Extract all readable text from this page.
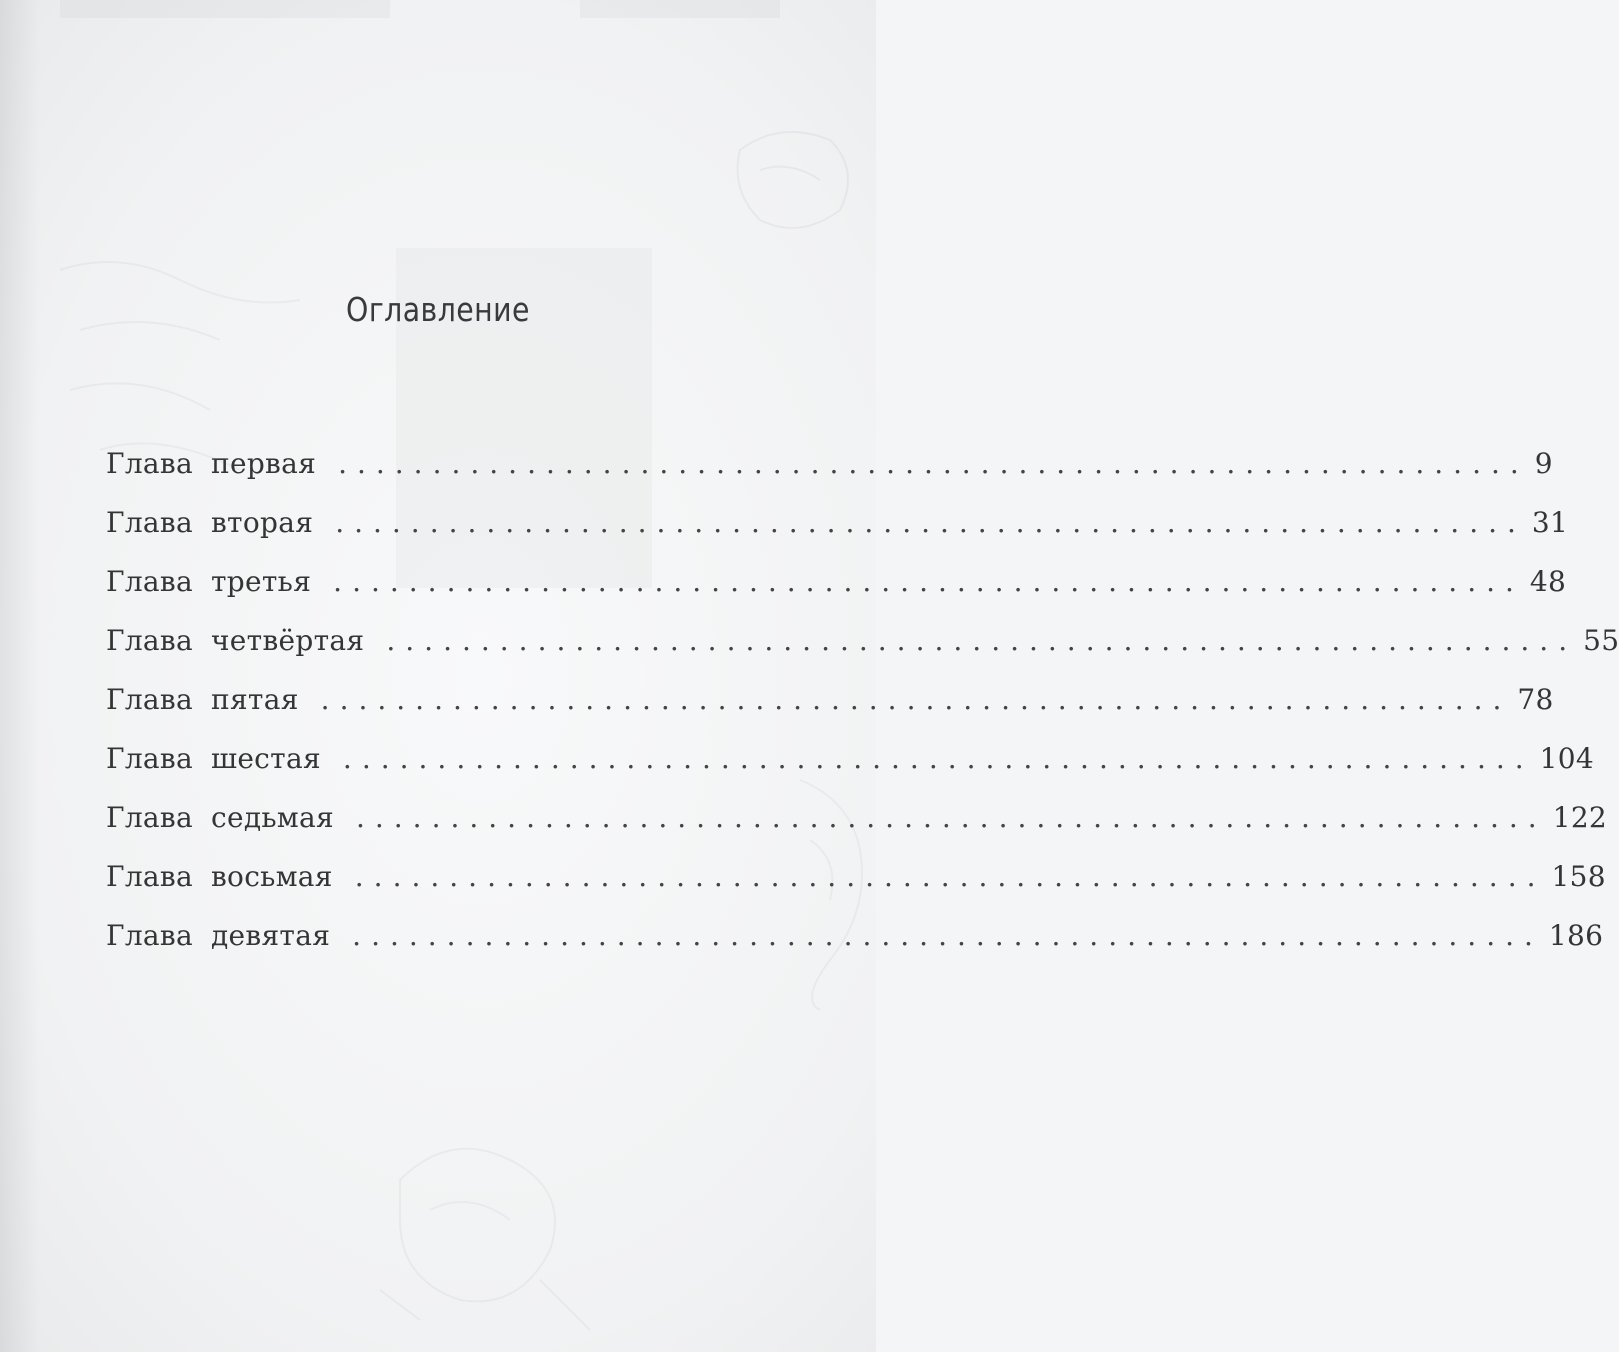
Оглавление
Глава первая ............................................................... 9
Глава вторая ............................................................... 31
Глава третья ............................................................... 48
Глава четвёртая ............................................................... 55
Глава пятая ............................................................... 78
Глава шестая ............................................................... 104
Глава седьмая ............................................................... 122
Глава восьмая ............................................................... 158
Глава девятая ............................................................... 186
